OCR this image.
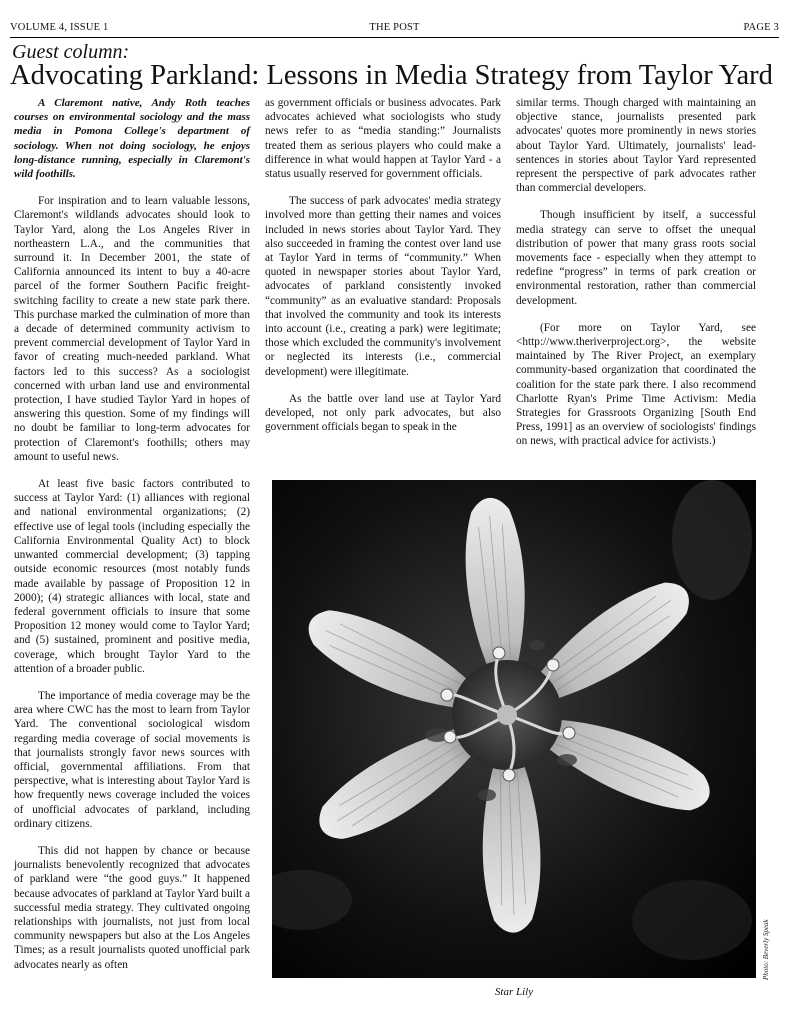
VOLUME 4, ISSUE 1	THE POST	PAGE 3
Guest column:
Advocating Parkland: Lessons in Media Strategy from Taylor Yard

A Claremont native, Andy Roth teaches courses on environmental sociology and the mass media in Pomona College's department of sociology. When not doing sociology, he enjoys long-distance running, especially in Claremont's wild foothills.

For inspiration and to learn valuable lessons, Claremont's wildlands advocates should look to Taylor Yard, along the Los Angeles River in northeastern L.A., and the communities that surround it. In December 2001, the state of California announced its intent to buy a 40-acre parcel of the former Southern Pacific freight-switching facility to create a new state park there. This purchase marked the culmination of more than a decade of determined community activism to prevent commercial development of Taylor Yard in favor of creating much-needed parkland. What factors led to this success? As a sociologist concerned with urban land use and environmental protection, I have studied Taylor Yard in hopes of answering this question. Some of my findings will no doubt be familiar to long-term advocates for protection of Claremont's foothills; others may amount to useful news.

At least five basic factors contributed to success at Taylor Yard: (1) alliances with regional and national environmental organizations; (2) effective use of legal tools (including especially the California Environmental Quality Act) to block unwanted commercial development; (3) tapping outside economic resources (most notably funds made available by passage of Proposition 12 in 2000); (4) strategic alliances with local, state and federal government officials to insure that some Proposition 12 money would come to Taylor Yard; and (5) sustained, prominent and positive media, coverage, which brought Taylor Yard to the attention of a broader public.

The importance of media coverage may be the area where CWC has the most to learn from Taylor Yard. The conventional sociological wisdom regarding media coverage of social movements is that journalists strongly favor news sources with official, governmental affiliations. From that perspective, what is interesting about Taylor Yard is how frequently news coverage included the voices of unofficial advocates of parkland, including ordinary citizens.

This did not happen by chance or because journalists benevolently recognized that advocates of parkland were “the good guys.” It happened because advocates of parkland at Taylor Yard built a successful media strategy. They cultivated ongoing relationships with journalists, not just from local community newspapers but also at the Los Angeles Times; as a result journalists quoted unofficial park advocates nearly as often

as government officials or business advocates. Park advocates achieved what sociologists who study news refer to as “media standing:” Journalists treated them as serious players who could make a difference in what would happen at Taylor Yard - a status usually reserved for government officials.

The success of park advocates' media strategy involved more than getting their names and voices included in news stories about Taylor Yard. They also succeeded in framing the contest over land use at Taylor Yard in terms of “community.” When quoted in newspaper stories about Taylor Yard, advocates of parkland consistently invoked “community” as an evaluative standard: Proposals that involved the community and took its interests into account (i.e., creating a park) were legitimate; those which excluded the community's involvement or neglected its interests (i.e., commercial development) were illegitimate.

As the battle over land use at Taylor Yard developed, not only park advocates, but also government officials began to speak in the

similar terms. Though charged with maintaining an objective stance, journalists presented park advocates' quotes more prominently in news stories about Taylor Yard. Ultimately, journalists' lead-sentences in stories about Taylor Yard represented represent the perspective of park advocates rather than commercial developers.

Though insufficient by itself, a successful media strategy can serve to offset the unequal distribution of power that many grass roots social movements face - especially when they attempt to redefine “progress” in terms of park creation or environmental restoration, rather than commercial development.

(For more on Taylor Yard, see <http://www.theriverproject.org>, the website maintained by The River Project, an exemplary community-based organization that coordinated the coalition for the state park there. I also recommend Charlotte Ryan's Prime Time Activism: Media Strategies for Grassroots Organizing [South End Press, 1991] as an overview of sociologists' findings on news, with practical advice for activists.)

Photo: Beverly Speak
Star Lily
